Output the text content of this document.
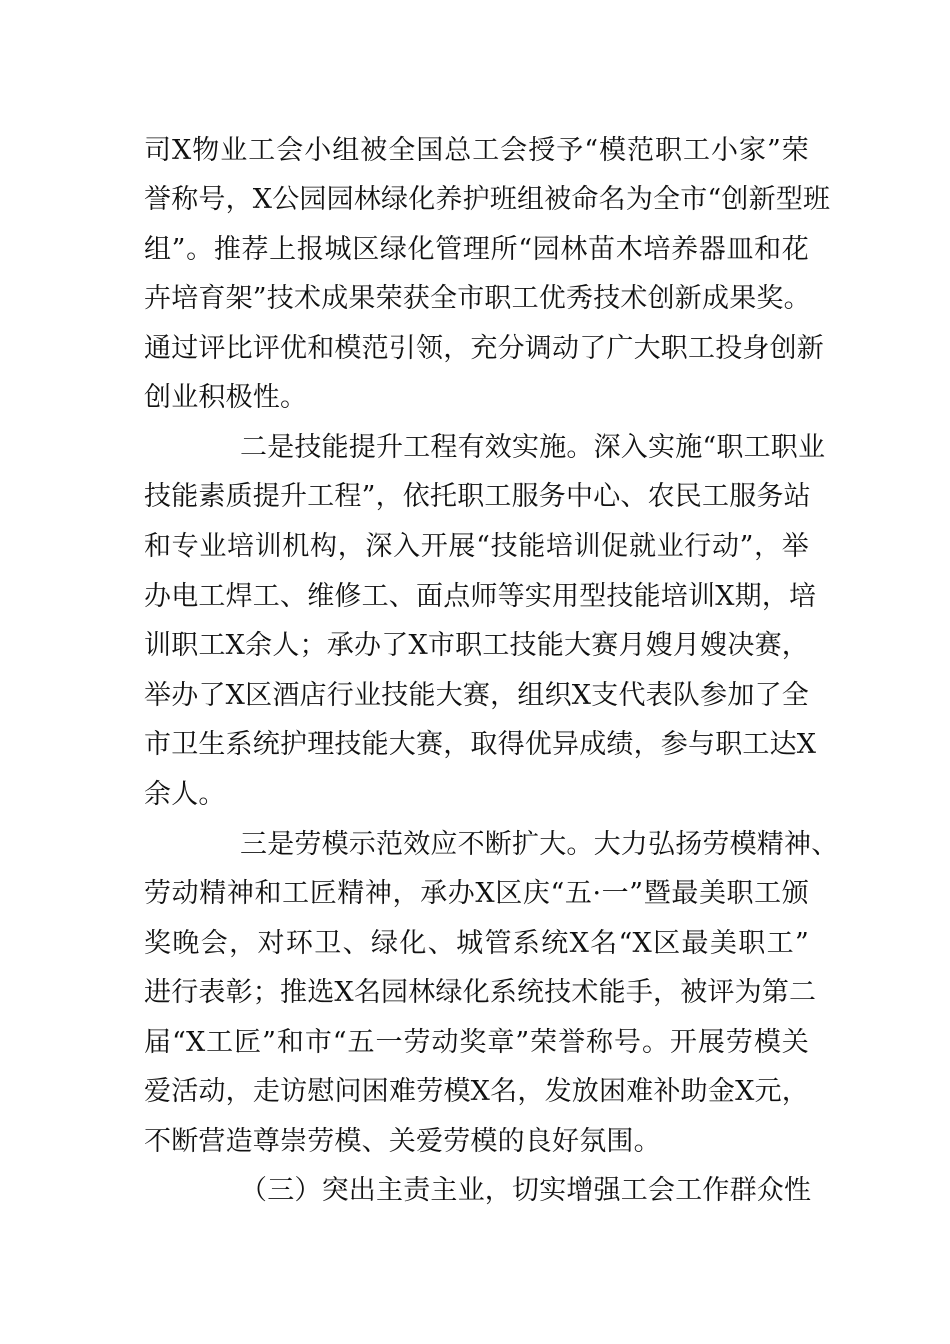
司X物业工会小组被全国总工会授予“模范职工小家”荣
誉称号，X公园园林绿化养护班组被命名为全市“创新型班
组”。推荐上报城区绿化管理所“园林苗木培养器皿和花
卉培育架”技术成果荣获全市职工优秀技术创新成果奖。
通过评比评优和模范引领，充分调动了广大职工投身创新
创业积极性。
二是技能提升工程有效实施。深入实施“职工职业
技能素质提升工程”，依托职工服务中心、农民工服务站
和专业培训机构，深入开展“技能培训促就业行动”，举
办电工焊工、维修工、面点师等实用型技能培训X期，培
训职工X余人；承办了X市职工技能大赛月嫂月嫂决赛，
举办了X区酒店行业技能大赛，组织X支代表队参加了全
市卫生系统护理技能大赛，取得优异成绩，参与职工达X
余人。
三是劳模示范效应不断扩大。大力弘扬劳模精神、
劳动精神和工匠精神，承办X区庆“五·一”暨最美职工颁
奖晚会，对环卫、绿化、城管系统X名“X区最美职工”
进行表彰；推选X名园林绿化系统技术能手，被评为第二
届“X工匠”和市“五一劳动奖章”荣誉称号。开展劳模关
爱活动，走访慰问困难劳模X名，发放困难补助金X元，
不断营造尊崇劳模、关爱劳模的良好氛围。
（三）突出主责主业，切实增强工会工作群众性
